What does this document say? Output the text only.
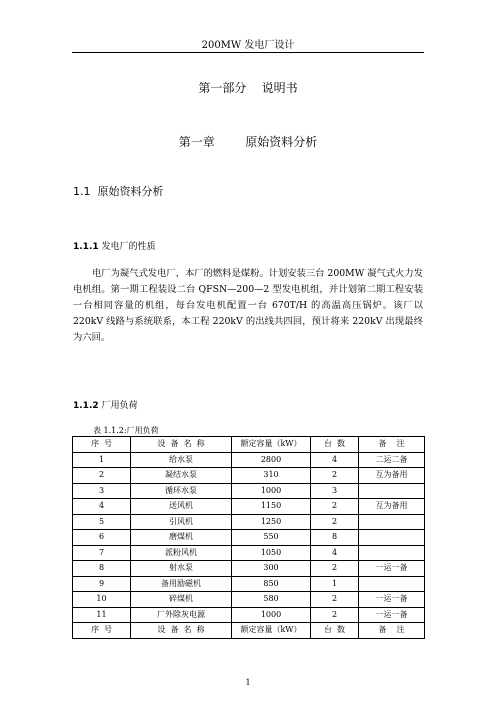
200MW 发电厂设计
第一部分    说明书
第一章        原始资料分析
1.1  原始资料分析
1.1.1 发电厂的性质
电厂为凝气式发电厂，本厂的燃料是煤粉。计划安装三台 200MW 凝气式火力发电机组。第一期工程装设二台 QFSN—200—2 型发电机组，并计划第二期工程安装一台相同容量的机组，每台发电机配置一台 670T/H 的高温高压锅炉。该厂以 220kV 线路与系统联系，本工程 220kV 的出线共四回，预计将来 220kV 出现最终为六回。
1.1.2 厂用负荷
表 1.1.2:厂用负荷
序  号	设  备  名  称	额定容量（kW）	台  数	备    注
1	给水泵	2800	4	二运二备
2	凝结水泵	310	2	互为备用
3	循环水泵	1000	3	
4	送风机	1150	2	互为备用
5	引风机	1250	2	
6	磨煤机	550	8	
7	派粉风机	1050	4	
8	射水泵	300	2	一运一备
9	备用励磁机	850	1	
10	碎煤机	580	2	一运一备
11	厂外除灰电源	1000	2	一运一备
序  号	设  备  名  称	额定容量（kW）	台  数	备    注
1
